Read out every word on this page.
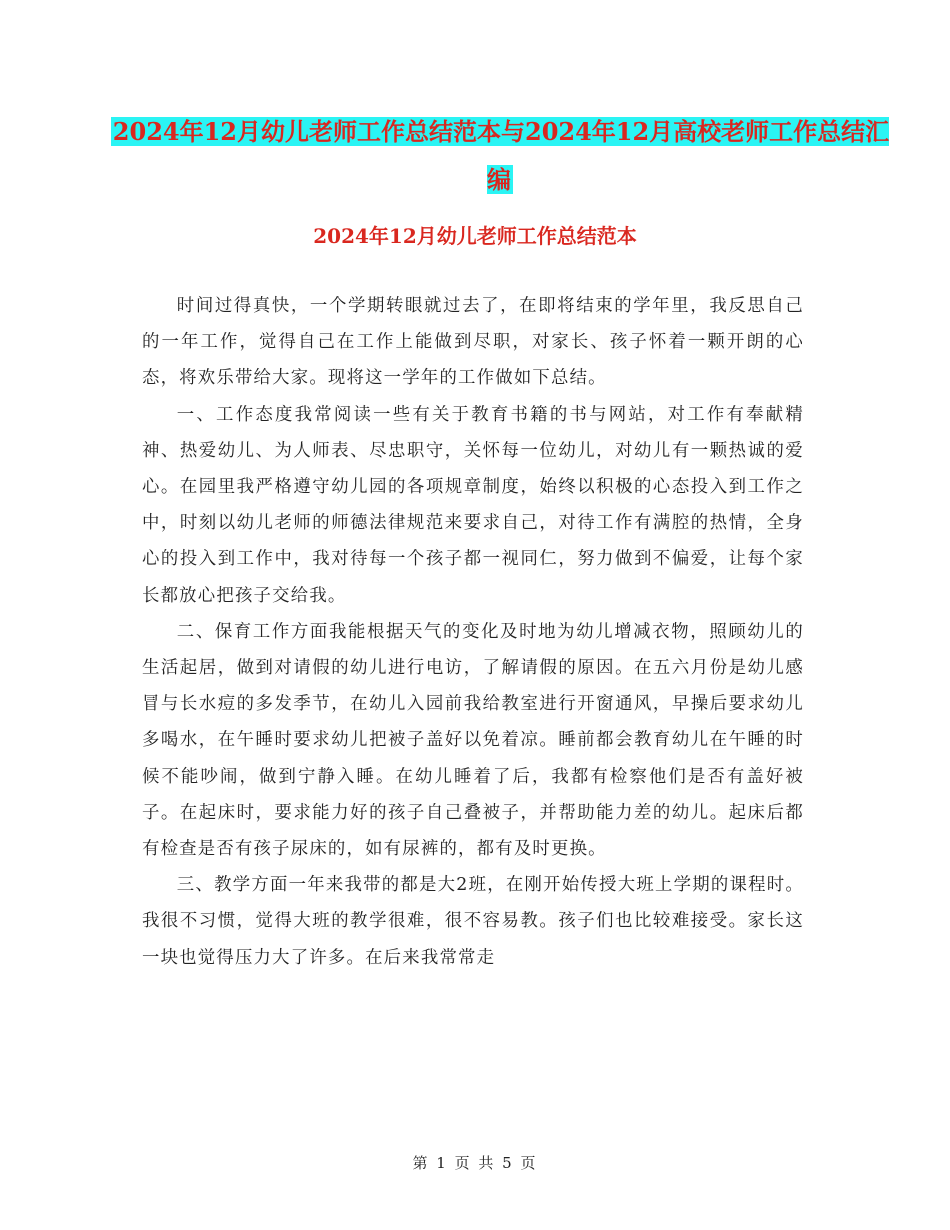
2024年12月幼儿老师工作总结范本与2024年12月高校老师工作总结汇编
2024年12月幼儿老师工作总结范本

时间过得真快，一个学期转眼就过去了，在即将结束的学年里，我反思自己的一年工作，觉得自己在工作上能做到尽职，对家长、孩子怀着一颗开朗的心态，将欢乐带给大家。现将这一学年的工作做如下总结。

一、工作态度我常阅读一些有关于教育书籍的书与网站，对工作有奉献精神、热爱幼儿、为人师表、尽忠职守，关怀每一位幼儿，对幼儿有一颗热诚的爱心。在园里我严格遵守幼儿园的各项规章制度，始终以积极的心态投入到工作之中，时刻以幼儿老师的师德法律规范来要求自己，对待工作有满腔的热情，全身心的投入到工作中，我对待每一个孩子都一视同仁，努力做到不偏爱，让每个家长都放心把孩子交给我。

二、保育工作方面我能根据天气的变化及时地为幼儿增减衣物，照顾幼儿的生活起居，做到对请假的幼儿进行电访，了解请假的原因。在五六月份是幼儿感冒与长水痘的多发季节，在幼儿入园前我给教室进行开窗通风，早操后要求幼儿多喝水，在午睡时要求幼儿把被子盖好以免着凉。睡前都会教育幼儿在午睡的时候不能吵闹，做到宁静入睡。在幼儿睡着了后，我都有检察他们是否有盖好被子。在起床时，要求能力好的孩子自己叠被子，并帮助能力差的幼儿。起床后都有检查是否有孩子尿床的，如有尿裤的，都有及时更换。

三、教学方面一年来我带的都是大2班，在刚开始传授大班上学期的课程时。我很不习惯，觉得大班的教学很难，很不容易教。孩子们也比较难接受。家长这一块也觉得压力大了许多。在后来我常常走

第 1 页 共 5 页
